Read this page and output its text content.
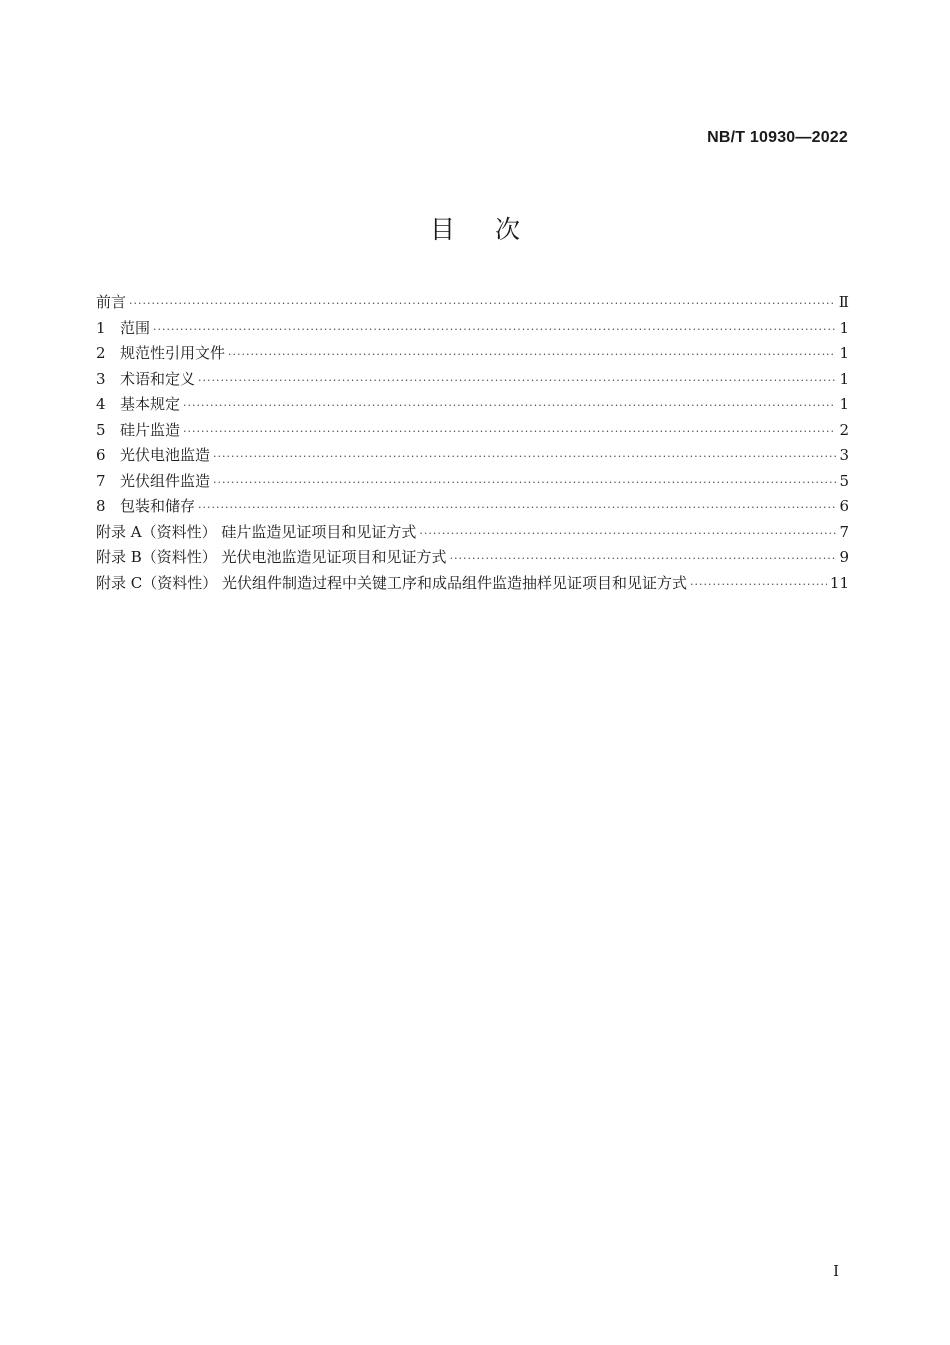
NB/T 10930—2022
目次
前言 ·····	Ⅱ
1 范围 ·····	1
2 规范性引用文件 ·····	1
3 术语和定义 ·····	1
4 基本规定 ·····	1
5 硅片监造 ·····	2
6 光伏电池监造 ·····	3
7 光伏组件监造 ·····	5
8 包装和储存 ·····	6
附录 A（资料性） 硅片监造见证项目和见证方式 ·····	7
附录 B（资料性） 光伏电池监造见证项目和见证方式 ·····	9
附录 C（资料性） 光伏组件制造过程中关键工序和成品组件监造抽样见证项目和见证方式 ·····	11
I
